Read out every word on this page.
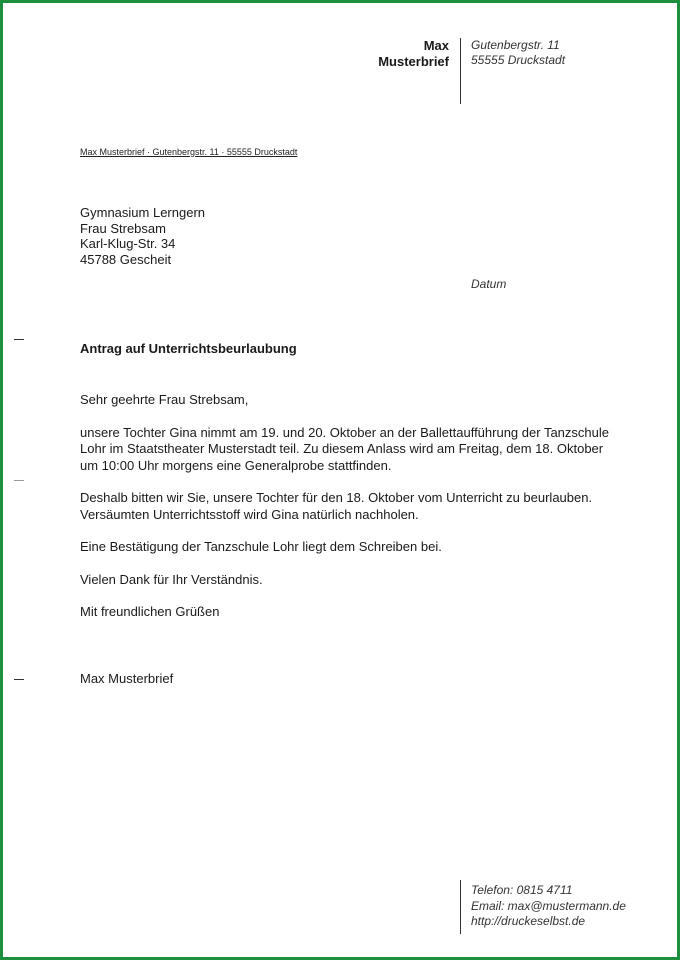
Max
Musterbrief
Gutenbergstr. 11
55555 Druckstadt
Max Musterbrief · Gutenbergstr. 11 · 55555 Druckstadt
Gymnasium Lerngern
Frau Strebsam
Karl-Klug-Str. 34
45788 Gescheit
Datum
Antrag auf Unterrichtsbeurlaubung

Sehr geehrte Frau Strebsam,

unsere Tochter Gina nimmt am 19. und 20. Oktober an der Ballettaufführung der Tanzschule Lohr im Staatstheater Musterstadt teil. Zu diesem Anlass wird am Freitag, dem 18. Oktober um 10:00 Uhr morgens eine Generalprobe stattfinden.

Deshalb bitten wir Sie, unsere Tochter für den 18. Oktober vom Unterricht zu beurlauben. Versäumten Unterrichtsstoff wird Gina natürlich nachholen.

Eine Bestätigung der Tanzschule Lohr liegt dem Schreiben bei.

Vielen Dank für Ihr Verständnis.

Mit freundlichen Grüßen

Max Musterbrief
Telefon: 0815 4711
Email: max@mustermann.de
http://druckeselbst.de
